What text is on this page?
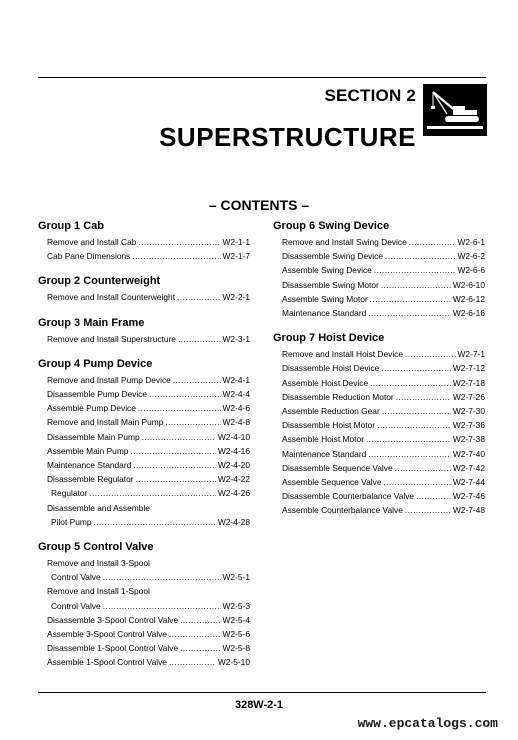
SECTION 2
SUPERSTRUCTURE
– CONTENTS –
Group 1 Cab
Remove and Install Cab .....	W2-1-1
Cab Pane Dimensions .....	W2-1-7
Group 2 Counterweight
Remove and Install Counterweight .....	W2-2-1
Group 3 Main Frame
Remove and Install Superstructure .....	W2-3-1
Group 4 Pump Device
Remove and Install Pump Device .....	W2-4-1
Disassemble Pump Device .....	W2-4-4
Assemble Pump Device .....	W2-4-6
Remove and Install Main Pump .....	W2-4-8
Disassemble Main Pump .....	W2-4-10
Assemble Main Pump .....	W2-4-16
Maintenance Standard .....	W2-4-20
Disassemble Regulator .....	W2-4-22
Regulator .....	W2-4-26
Disassemble and Assemble
Pilot Pump .....	W2-4-28
Group 5 Control Valve
Remove and Install 3-Spool
Control Valve .....	W2-5-1
Remove and Install 1-Spool
Control Valve .....	W2-5-3
Disassemble 3-Spool Control Valve .....	W2-5-4
Assemble 3-Spool Control Valve .....	W2-5-6
Disassemble 1-Spool Control Valve .....	W2-5-8
Assemble 1-Spool Control Valve .....	W2-5-10
Group 6 Swing Device
Remove and Install Swing Device .....	W2-6-1
Disassemble Swing Device .....	W2-6-2
Assemble Swing Device .....	W2-6-6
Disassemble Swing Motor .....	W2-6-10
Assemble Swing Motor .....	W2-6-12
Maintenance Standard .....	W2-6-16
Group 7 Hoist Device
Remove and Install Hoist Device .....	W2-7-1
Disassemble Hoist Device .....	W2-7-12
Assemble Hoist Device .....	W2-7-18
Disassemble Reduction Motor .....	W2-7-26
Assemble Reduction Gear .....	W2-7-30
Disassemble Hoist Motor .....	W2-7-36
Assemble Hoist Motor .....	W2-7-38
Maintenance Standard .....	W2-7-40
Disassemble Sequence Valve .....	W2-7-42
Assemble Sequence Valve .....	W2-7-44
Disassemble Counterbalance Valve .....	W2-7-46
Assemble Counterbalance Valve .....	W2-7-48
328W-2-1
www.epcatalogs.com
